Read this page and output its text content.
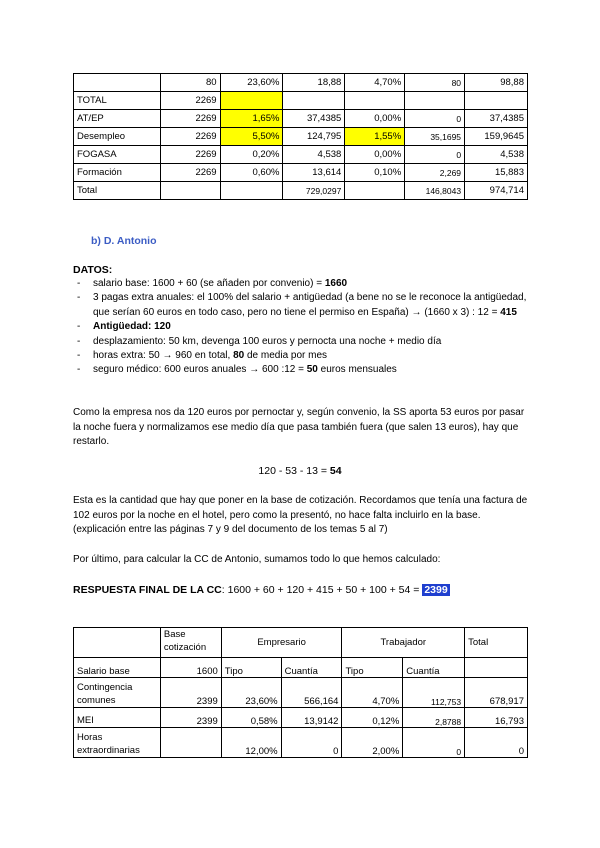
	80	23,60%	18,88	4,70%	80	98,88
TOTAL	2269					
AT/EP	2269	1,65%	37,4385	0,00%	0	37,4385
Desempleo	2269	5,50%	124,795	1,55%	35,1695	159,9645
FOGASA	2269	0,20%	4,538	0,00%	0	4,538
Formación	2269	0,60%	13,614	0,10%	2,269	15,883
Total			729,0297		146,8043	974,714
b) D. Antonio
DATOS:
- salario base: 1600 + 60 (se añaden por convenio) = 1660
- 3 pagas extra anuales: el 100% del salario + antigüedad (a bene no se le reconoce la antigüedad, que serían 60 euros en todo caso, pero no tiene el permiso en España) → (1660 x 3) : 12 = 415
- Antigüedad: 120
- desplazamiento: 50 km, devenga 100 euros y pernocta una noche + medio día
- horas extra: 50 → 960 en total, 80 de media por mes
- seguro médico: 600 euros anuales → 600 :12 = 50 euros mensuales

Como la empresa nos da 120 euros por pernoctar y, según convenio, la SS aporta 53 euros por pasar la noche fuera y normalizamos ese medio día que pasa también fuera (que salen 13 euros), hay que restarlo.

120 - 53 - 13 = 54

Esta es la cantidad que hay que poner en la base de cotización. Recordamos que tenía una factura de 102 euros por la noche en el hotel, pero como la presentó, no hace falta incluirlo en la base. (explicación entre las páginas 7 y 9 del documento de los temas 5 al 7)

Por último, para calcular la CC de Antonio, sumamos todo lo que hemos calculado:

RESPUESTA FINAL DE LA CC: 1600 + 60 + 120 + 415 + 50 + 100 + 54 = 2399
	Base cotización	Empresario		Trabajador		Total
Salario base	1600	Tipo	Cuantía	Tipo	Cuantía	
Contingencia comunes	2399	23,60%	566,164	4,70%	112,753	678,917
MEI	2399	0,58%	13,9142	0,12%	2,8788	16,793
Horas extraordinarias		12,00%	0	2,00%	0	0
